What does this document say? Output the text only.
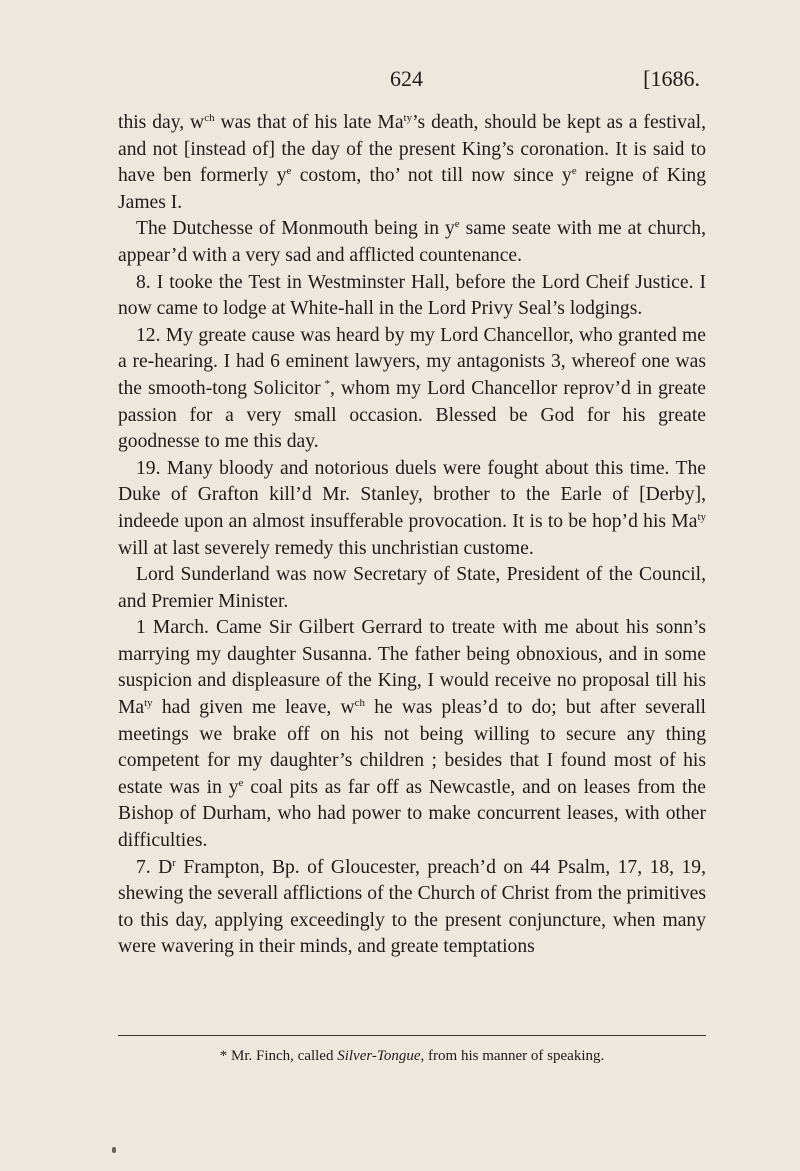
624	[1686.

this day, $w^{ch}$ was that of his late $Ma^{ty}’s$ death, should be kept as a festival, and not [instead of] the day of the present King’s coronation. It is said to have ben formerly $y^e$ costom, tho’ not till now since $y^e$ reigne of King James I.

The Dutchesse of Monmouth being in $y^e$ same seate with me at church, appear’d with a very sad and afflicted countenance.

8. I tooke the Test in Westminster Hall, before the Lord Cheif Justice. I now came to lodge at White-hall in the Lord Privy Seal’s lodgings.

12. My greate cause was heard by my Lord Chancellor, who granted me a re-hearing. I had 6 eminent lawyers, my antagonists 3, whereof one was the smooth-tong Solicitor *, whom my Lord Chancellor reprov’d in greate passion for a very small occasion. Blessed be God for his greate goodnesse to me this day.

19. Many bloody and notorious duels were fought about this time. The Duke of Grafton kill’d Mr. Stanley, brother to the Earle of [Derby], indeede upon an almost insufferable provocation. It is to be hop’d his $Ma^{ty}$ will at last severely remedy this unchristian custome.

Lord Sunderland was now Secretary of State, President of the Council, and Premier Minister.

1 March. Came Sir Gilbert Gerrard to treate with me about his sonn’s marrying my daughter Susanna. The father being obnoxious, and in some suspicion and displeasure of the King, I would receive no proposal till his $Ma^{ty}$ had given me leave, $w^{ch}$ he was pleas’d to do; but after severall meetings we brake off on his not being willing to secure any thing competent for my daughter’s children ; besides that I found most of his estate was in $y^e$ coal pits as far off as Newcastle, and on leases from the Bishop of Durham, who had power to make concurrent leases, with other difficulties.

7. $D^r$ Frampton, Bp. of Gloucester, preach’d on 44 Psalm, 17, 18, 19, shewing the severall afflictions of the Church of Christ from the primitives to this day, applying exceedingly to the present conjuncture, when many were wavering in their minds, and greate temptations

* Mr. Finch, called Silver-Tongue, from his manner of speaking.
